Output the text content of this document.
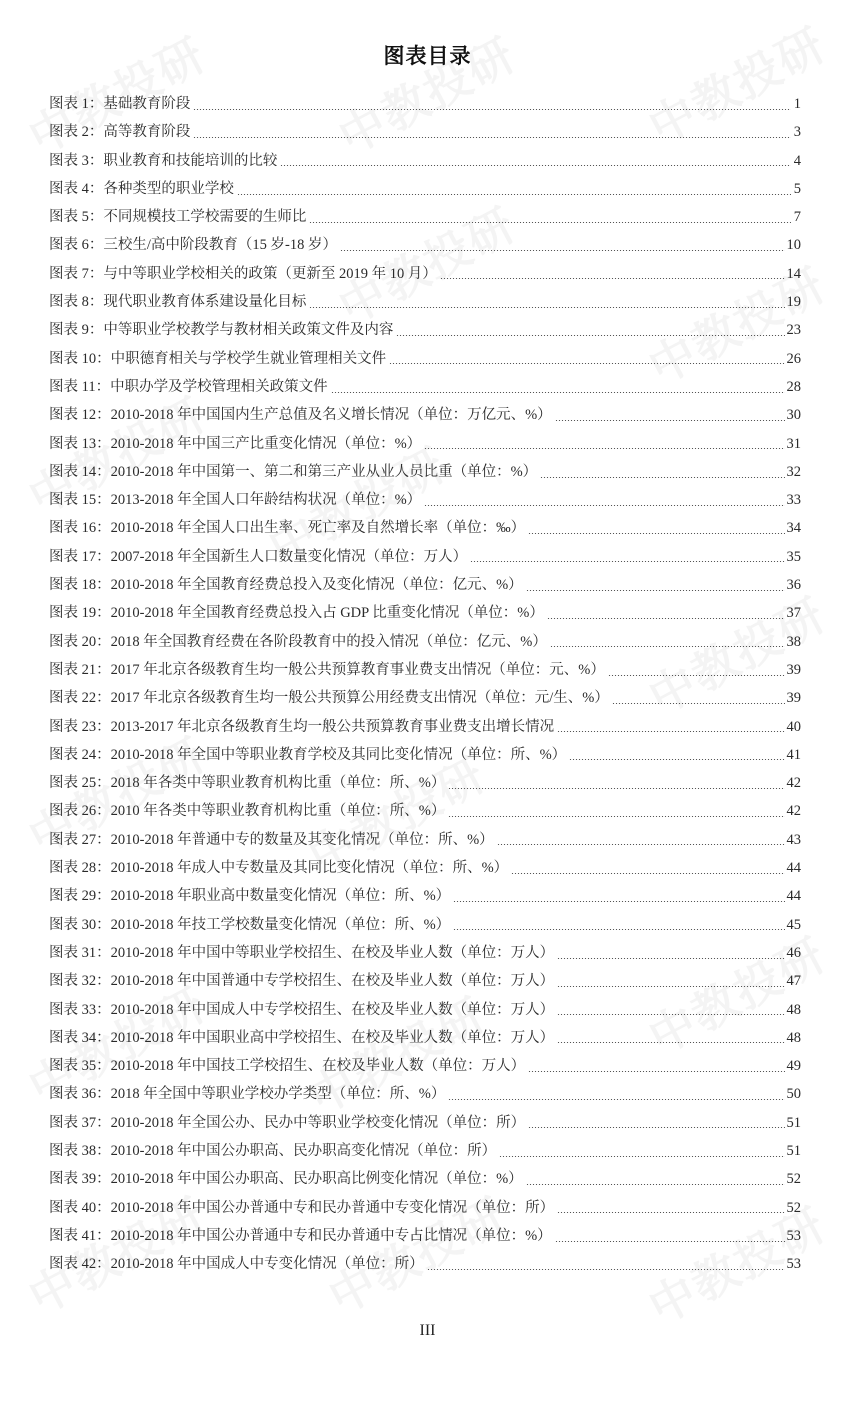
图表目录
图表 1：基础教育阶段	1
图表 2：高等教育阶段	3
图表 3：职业教育和技能培训的比较	4
图表 4：各种类型的职业学校	5
图表 5：不同规模技工学校需要的生师比	7
图表 6：三校生/高中阶段教育（15 岁-18 岁）	10
图表 7：与中等职业学校相关的政策（更新至 2019 年 10 月）	14
图表 8：现代职业教育体系建设量化目标	19
图表 9：中等职业学校教学与教材相关政策文件及内容	23
图表 10：中职德育相关与学校学生就业管理相关文件	26
图表 11：中职办学及学校管理相关政策文件	28
图表 12：2010-2018 年中国国内生产总值及名义增长情况（单位：万亿元、%）	30
图表 13：2010-2018 年中国三产比重变化情况（单位：%）	31
图表 14：2010-2018 年中国第一、第二和第三产业从业人员比重（单位：%）	32
图表 15：2013-2018 年全国人口年龄结构状况（单位：%）	33
图表 16：2010-2018 年全国人口出生率、死亡率及自然增长率（单位：‰）	34
图表 17：2007-2018 年全国新生人口数量变化情况（单位：万人）	35
图表 18：2010-2018 年全国教育经费总投入及变化情况（单位：亿元、%）	36
图表 19：2010-2018 年全国教育经费总投入占 GDP 比重变化情况（单位：%）	37
图表 20：2018 年全国教育经费在各阶段教育中的投入情况（单位：亿元、%）	38
图表 21：2017 年北京各级教育生均一般公共预算教育事业费支出情况（单位：元、%）	39
图表 22：2017 年北京各级教育生均一般公共预算公用经费支出情况（单位：元/生、%）	39
图表 23：2013-2017 年北京各级教育生均一般公共预算教育事业费支出增长情况	40
图表 24：2010-2018 年全国中等职业教育学校及其同比变化情况（单位：所、%）	41
图表 25：2018 年各类中等职业教育机构比重（单位：所、%）	42
图表 26：2010 年各类中等职业教育机构比重（单位：所、%）	42
图表 27：2010-2018 年普通中专的数量及其变化情况（单位：所、%）	43
图表 28：2010-2018 年成人中专数量及其同比变化情况（单位：所、%）	44
图表 29：2010-2018 年职业高中数量变化情况（单位：所、%）	44
图表 30：2010-2018 年技工学校数量变化情况（单位：所、%）	45
图表 31：2010-2018 年中国中等职业学校招生、在校及毕业人数（单位：万人）	46
图表 32：2010-2018 年中国普通中专学校招生、在校及毕业人数（单位：万人）	47
图表 33：2010-2018 年中国成人中专学校招生、在校及毕业人数（单位：万人）	48
图表 34：2010-2018 年中国职业高中学校招生、在校及毕业人数（单位：万人）	48
图表 35：2010-2018 年中国技工学校招生、在校及毕业人数（单位：万人）	49
图表 36：2018 年全国中等职业学校办学类型（单位：所、%）	50
图表 37：2010-2018 年全国公办、民办中等职业学校变化情况（单位：所）	51
图表 38：2010-2018 年中国公办职高、民办职高变化情况（单位：所）	51
图表 39：2010-2018 年中国公办职高、民办职高比例变化情况（单位：%）	52
图表 40：2010-2018 年中国公办普通中专和民办普通中专变化情况（单位：所）	52
图表 41：2010-2018 年中国公办普通中专和民办普通中专占比情况（单位：%）	53
图表 42：2010-2018 年中国成人中专变化情况（单位：所）	53
III
